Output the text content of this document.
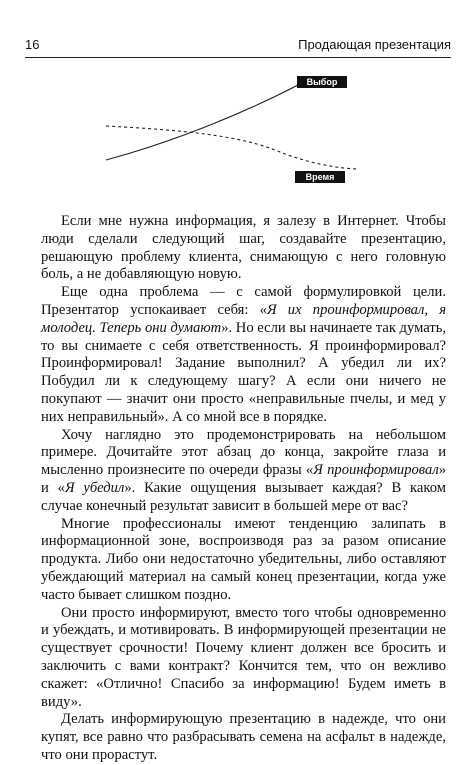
16	Продающая презентация
Выбор
Время

Если мне нужна информация, я залезу в Интернет. Чтобы люди сделали следующий шаг, создавайте презентацию, решающую проблему клиента, снимающую с него головную боль, а не добавляющую новую.

Еще одна проблема — с самой формулировкой цели. Презентатор успокаивает себя: «Я их проинформировал, я молодец. Теперь они думают». Но если вы начинаете так думать, то вы снимаете с себя ответственность. Я проинформировал? Проинформировал! Задание выполнил? А убедил ли их? Побудил ли к следующему шагу? А если они ничего не покупают — значит они просто «неправильные пчелы, и мед у них неправильный». А со мной все в порядке.

Хочу наглядно это продемонстрировать на небольшом примере. Дочитайте этот абзац до конца, закройте глаза и мысленно произнесите по очереди фразы «Я проинформировал» и «Я убедил». Какие ощущения вызывает каждая? В каком случае конечный результат зависит в большей мере от вас?

Многие профессионалы имеют тенденцию залипать в информационной зоне, воспроизводя раз за разом описание продукта. Либо они недостаточно убедительны, либо оставляют убеждающий материал на самый конец презентации, когда уже часто бывает слишком поздно.

Они просто информируют, вместо того чтобы одновременно и убеждать, и мотивировать. В информирующей презентации не существует срочности! Почему клиент должен все бросить и заключить с вами контракт? Кончится тем, что он вежливо скажет: «Отлично! Спасибо за информацию! Будем иметь в виду».

Делать информирующую презентацию в надежде, что они купят, все равно что разбрасывать семена на асфальт в надежде, что они прорастут.
